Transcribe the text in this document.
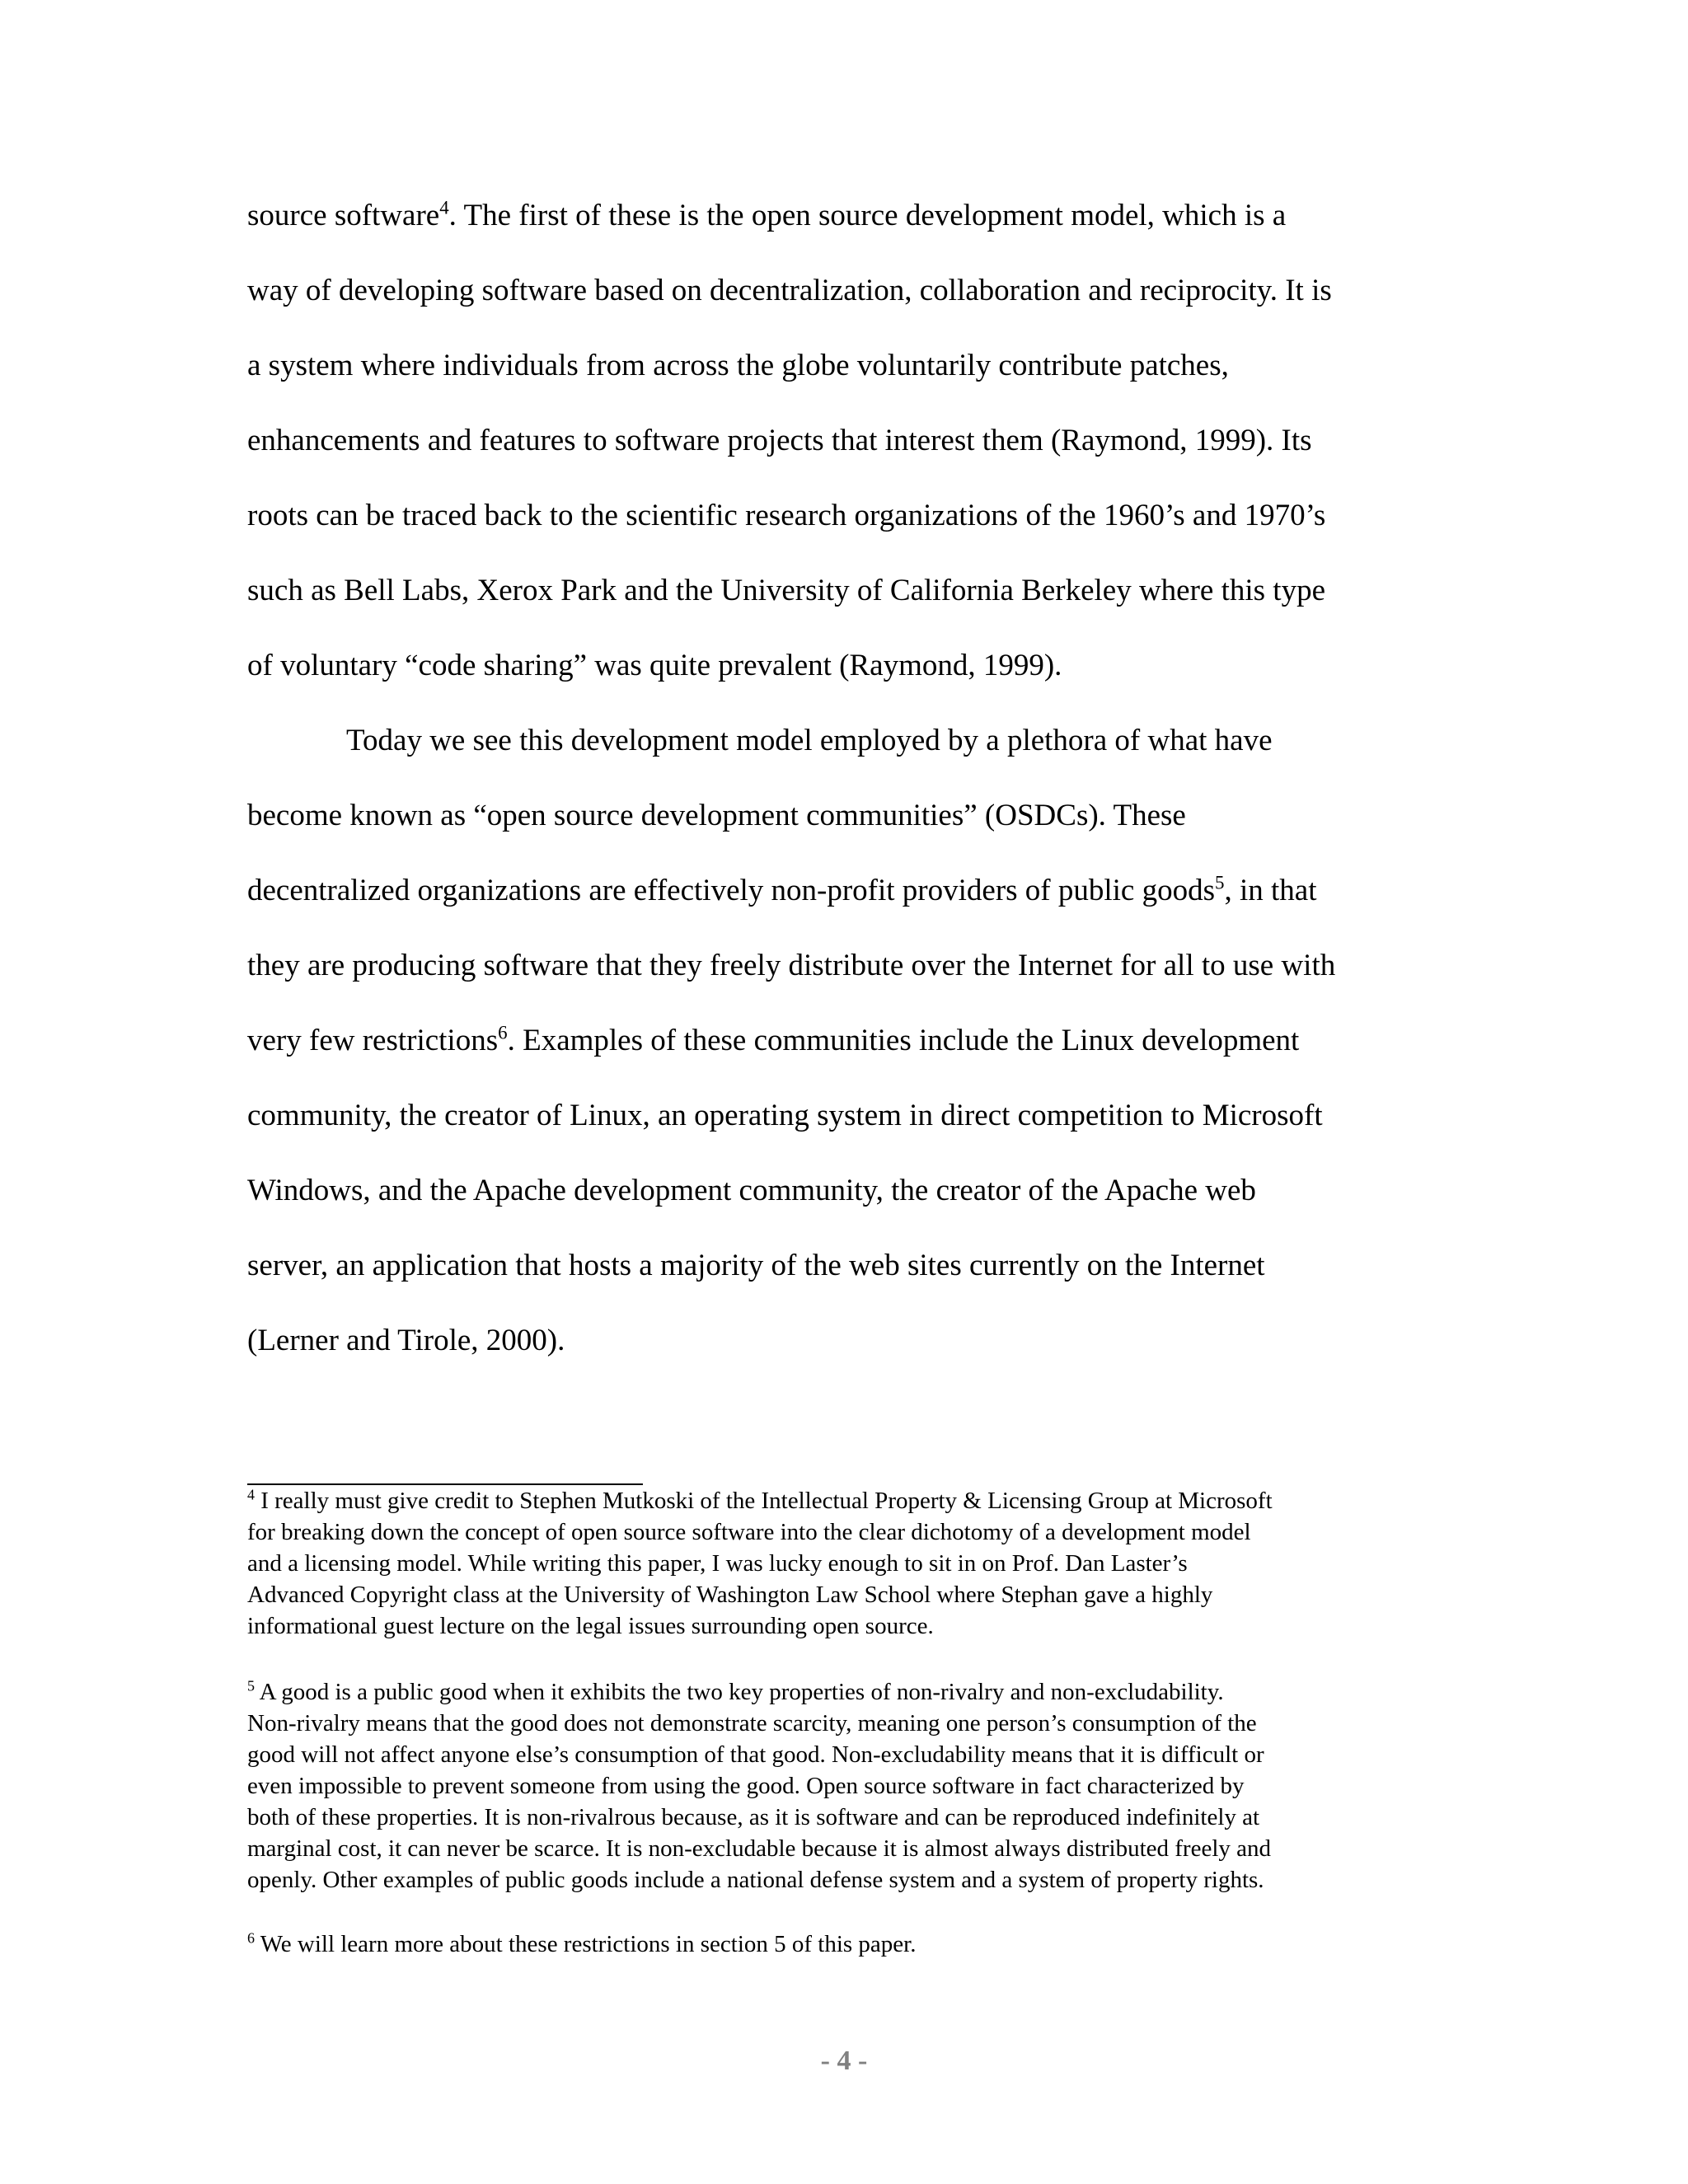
source software$^4$. The first of these is the open source development model, which is a
way of developing software based on decentralization, collaboration and reciprocity. It is
a system where individuals from across the globe voluntarily contribute patches,
enhancements and features to software projects that interest them (Raymond, 1999). Its
roots can be traced back to the scientific research organizations of the 1960’s and 1970’s
such as Bell Labs, Xerox Park and the University of California Berkeley where this type
of voluntary “code sharing” was quite prevalent (Raymond, 1999).
Today we see this development model employed by a plethora of what have
become known as “open source development communities” (OSDCs). These
decentralized organizations are effectively non-profit providers of public goods$^5$, in that
they are producing software that they freely distribute over the Internet for all to use with
very few restrictions$^6$. Examples of these communities include the Linux development
community, the creator of Linux, an operating system in direct competition to Microsoft
Windows, and the Apache development community, the creator of the Apache web
server, an application that hosts a majority of the web sites currently on the Internet
(Lerner and Tirole, 2000).
$^4$ I really must give credit to Stephen Mutkoski of the Intellectual Property & Licensing Group at Microsoft
for breaking down the concept of open source software into the clear dichotomy of a development model
and a licensing model. While writing this paper, I was lucky enough to sit in on Prof. Dan Laster’s
Advanced Copyright class at the University of Washington Law School where Stephan gave a highly
informational guest lecture on the legal issues surrounding open source.
$^5$ A good is a public good when it exhibits the two key properties of non-rivalry and non-excludability.
Non-rivalry means that the good does not demonstrate scarcity, meaning one person’s consumption of the
good will not affect anyone else’s consumption of that good. Non-excludability means that it is difficult or
even impossible to prevent someone from using the good. Open source software in fact characterized by
both of these properties. It is non-rivalrous because, as it is software and can be reproduced indefinitely at
marginal cost, it can never be scarce. It is non-excludable because it is almost always distributed freely and
openly. Other examples of public goods include a national defense system and a system of property rights.
$^6$ We will learn more about these restrictions in section 5 of this paper.
- 4 -
